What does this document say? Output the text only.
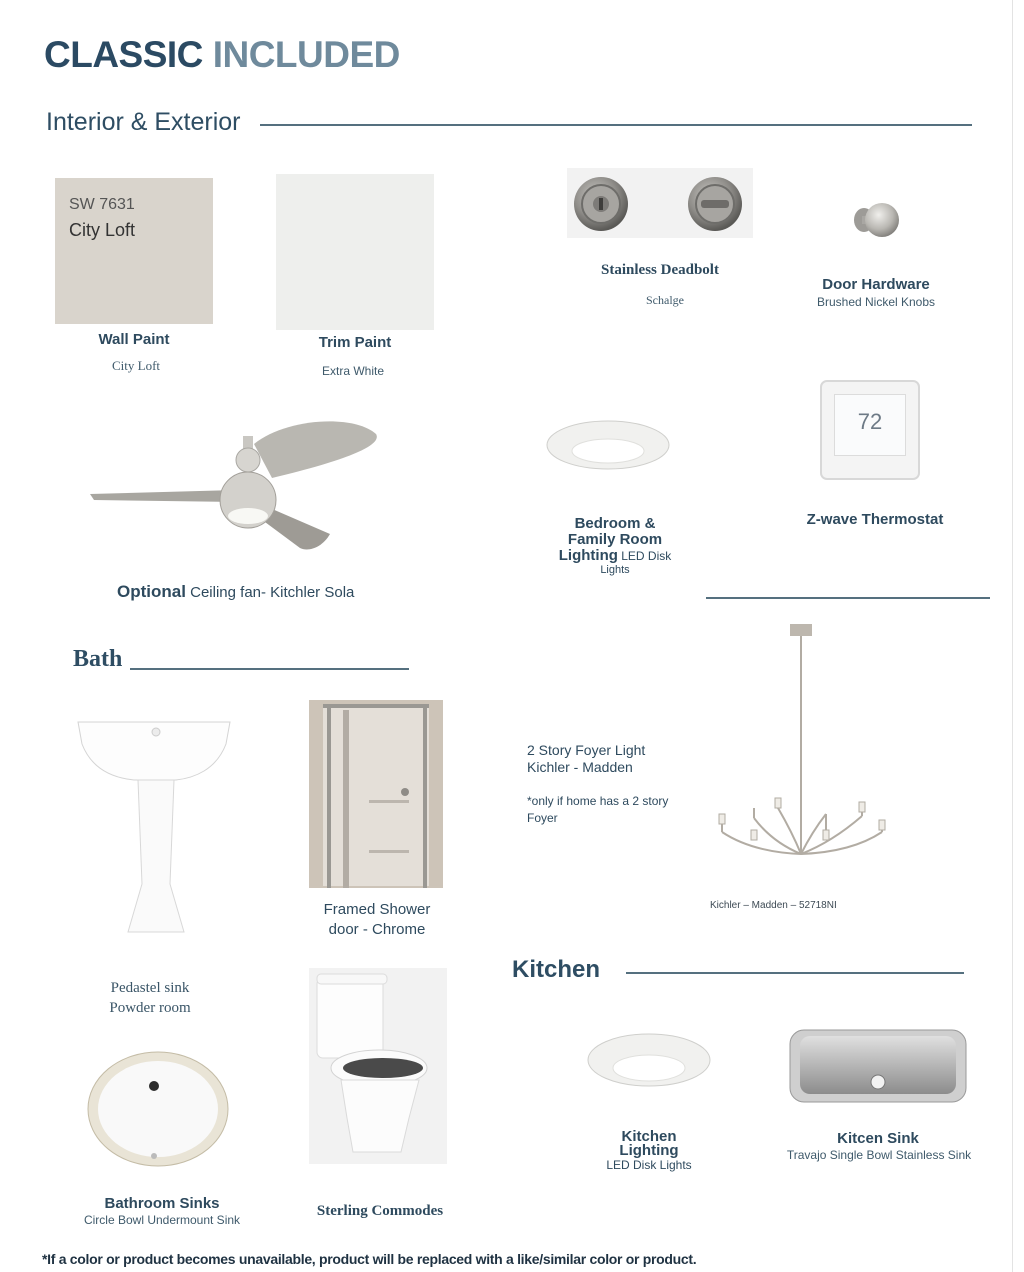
CLASSIC INCLUDED
Interior & Exterior
SW 7631
City Loft
Wall Paint
City Loft
Trim Paint
Extra White
Stainless Deadbolt
Schalge
Door Hardware
Brushed Nickel Knobs
Optional Ceiling fan- Kitchler Sola
Bedroom &
Family Room
Lighting LED Disk
Lights
72
Z-wave Thermostat
Bath
Pedastel sink
Powder room
Framed Shower
door - Chrome
2 Story Foyer Light
Kichler - Madden
*only if home has a 2 story
Foyer
Kichler – Madden – 52718NI
Kitchen
Bathroom Sinks
Circle Bowl Undermount Sink
Sterling Commodes
Kitchen
Lighting
LED Disk Lights
Kitcen Sink
Travajo Single Bowl Stainless Sink
*If a color or product becomes unavailable, product will be replaced with a like/similar color or product.
